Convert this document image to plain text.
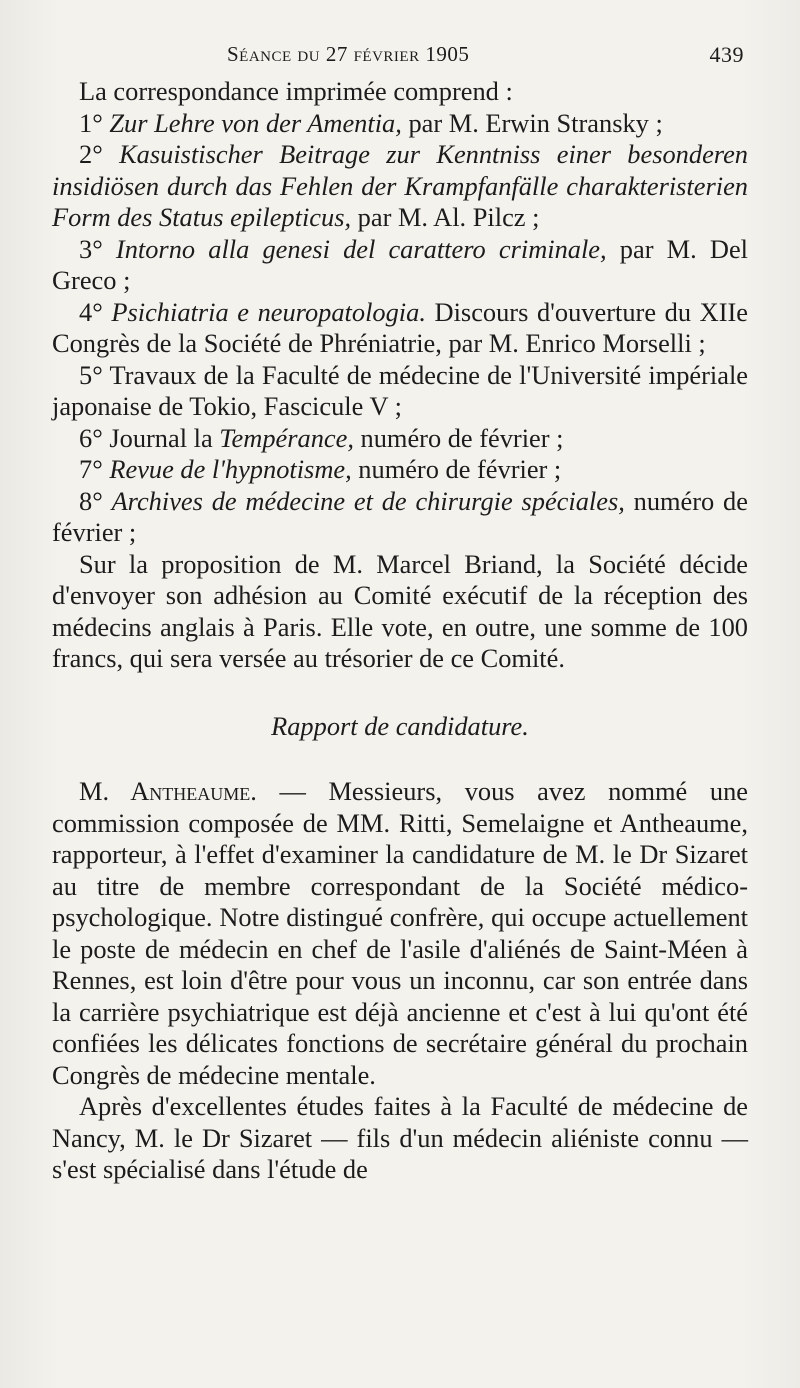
Séance du 27 février 1905	439

La correspondance imprimée comprend :

1° Zur Lehre von der Amentia, par M. Erwin Stransky ;

2° Kasuistischer Beitrage zur Kenntniss einer besonderen insidiösen durch das Fehlen der Krampfanfälle charakteristerien Form des Status epilepticus, par M. Al. Pilcz ;

3° Intorno alla genesi del carattero criminale, par M. Del Greco ;

4° Psichiatria e neuropatologia. Discours d'ouverture du XIIe Congrès de la Société de Phréniatrie, par M. Enrico Morselli ;

5° Travaux de la Faculté de médecine de l'Université impériale japonaise de Tokio, Fascicule V ;

6° Journal la Tempérance, numéro de février ;

7° Revue de l'hypnotisme, numéro de février ;

8° Archives de médecine et de chirurgie spéciales, numéro de février ;

Sur la proposition de M. Marcel Briand, la Société décide d'envoyer son adhésion au Comité exécutif de la réception des médecins anglais à Paris. Elle vote, en outre, une somme de 100 francs, qui sera versée au trésorier de ce Comité.

Rapport de candidature.

M. Antheaume. — Messieurs, vous avez nommé une commission composée de MM. Ritti, Semelaigne et Antheaume, rapporteur, à l'effet d'examiner la candidature de M. le Dr Sizaret au titre de membre correspondant de la Société médico-psychologique. Notre distingué confrère, qui occupe actuellement le poste de médecin en chef de l'asile d'aliénés de Saint-Méen à Rennes, est loin d'être pour vous un inconnu, car son entrée dans la carrière psychiatrique est déjà ancienne et c'est à lui qu'ont été confiées les délicates fonctions de secrétaire général du prochain Congrès de médecine mentale.

Après d'excellentes études faites à la Faculté de médecine de Nancy, M. le Dr Sizaret — fils d'un médecin aliéniste connu — s'est spécialisé dans l'étude de
